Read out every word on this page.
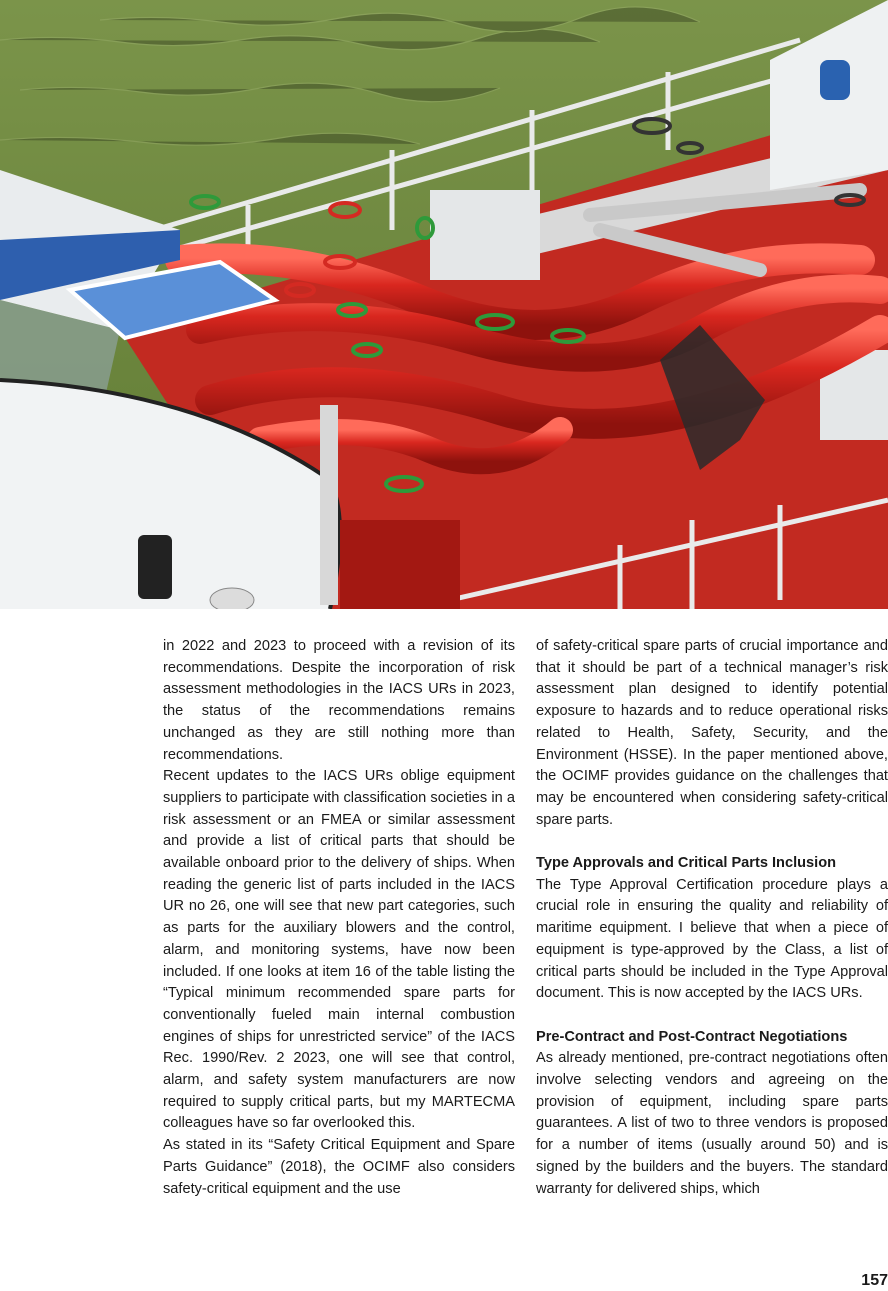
in 2022 and 2023 to proceed with a revision of its recommendations. Despite the incorporation of risk assessment methodologies in the IACS URs in 2023, the status of the recommendations remains unchanged as they are still nothing more than recommendations.

Recent updates to the IACS URs oblige equipment suppliers to participate with classification societies in a risk assessment or an FMEA or similar assessment and provide a list of critical parts that should be available onboard prior to the delivery of ships. When reading the generic list of parts included in the IACS UR no 26, one will see that new part categories, such as parts for the auxiliary blowers and the control, alarm, and monitoring systems, have now been included. If one looks at item 16 of the table listing the “Typical minimum recommended spare parts for conventionally fueled main internal combustion engines of ships for unrestricted service” of the IACS Rec. 1990/Rev. 2 2023, one will see that control, alarm, and safety system manufacturers are now required to supply critical parts, but my MARTECMA colleagues have so far overlooked this.

As stated in its “Safety Critical Equipment and Spare Parts Guidance” (2018), the OCIMF also considers safety-critical equipment and the use

of safety-critical spare parts of crucial importance and that it should be part of a technical manager’s risk assessment plan designed to identify potential exposure to hazards and to reduce operational risks related to Health, Safety, Security, and the Environment (HSSE). In the paper mentioned above, the OCIMF provides guidance on the challenges that may be encountered when considering safety-critical spare parts.

Type Approvals and Critical Parts Inclusion

The Type Approval Certification procedure plays a crucial role in ensuring the quality and reliability of maritime equipment. I believe that when a piece of equipment is type-approved by the Class, a list of critical parts should be included in the Type Approval document. This is now accepted by the IACS URs.

Pre-Contract and Post-Contract Negotiations

As already mentioned, pre-contract negotiations often involve selecting vendors and agreeing on the provision of equipment, including spare parts guarantees. A list of two to three vendors is proposed for a number of items (usually around 50) and is signed by the builders and the buyers. The standard warranty for delivered ships, which

157
